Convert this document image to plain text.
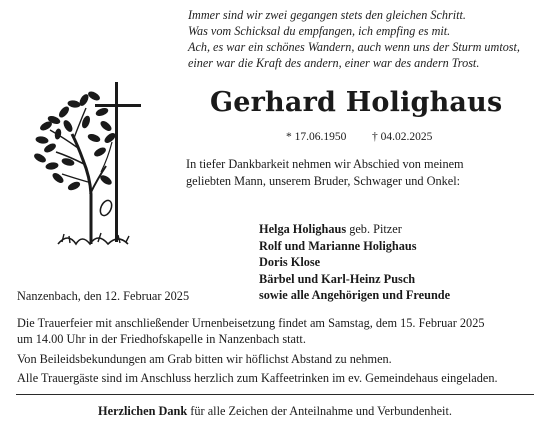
Immer sind wir zwei gegangen stets den gleichen Schritt.
Was vom Schicksal du empfangen, ich empfing es mit.
Ach, es war ein schönes Wandern, auch wenn uns der Sturm umtost,
einer war die Kraft des andern, einer war des andern Trost.
Gerhard Holighaus
* 17.06.1950 † 04.02.2025
In tiefer Dankbarkeit nehmen wir Abschied von meinem
geliebten Mann, unserem Bruder, Schwager und Onkel:
Helga Holighaus geb. Pitzer
Rolf und Marianne Holighaus
Doris Klose
Bärbel und Karl-Heinz Pusch
sowie alle Angehörigen und Freunde
Nanzenbach, den 12. Februar 2025
Die Trauerfeier mit anschließender Urnenbeisetzung findet am Samstag, dem 15. Februar 2025
um 14.00 Uhr in der Friedhofskapelle in Nanzenbach statt.
Von Beileidsbekundungen am Grab bitten wir höflichst Abstand zu nehmen.
Alle Trauergäste sind im Anschluss herzlich zum Kaffeetrinken im ev. Gemeindehaus eingeladen.
Herzlichen Dank für alle Zeichen der Anteilnahme und Verbundenheit.
